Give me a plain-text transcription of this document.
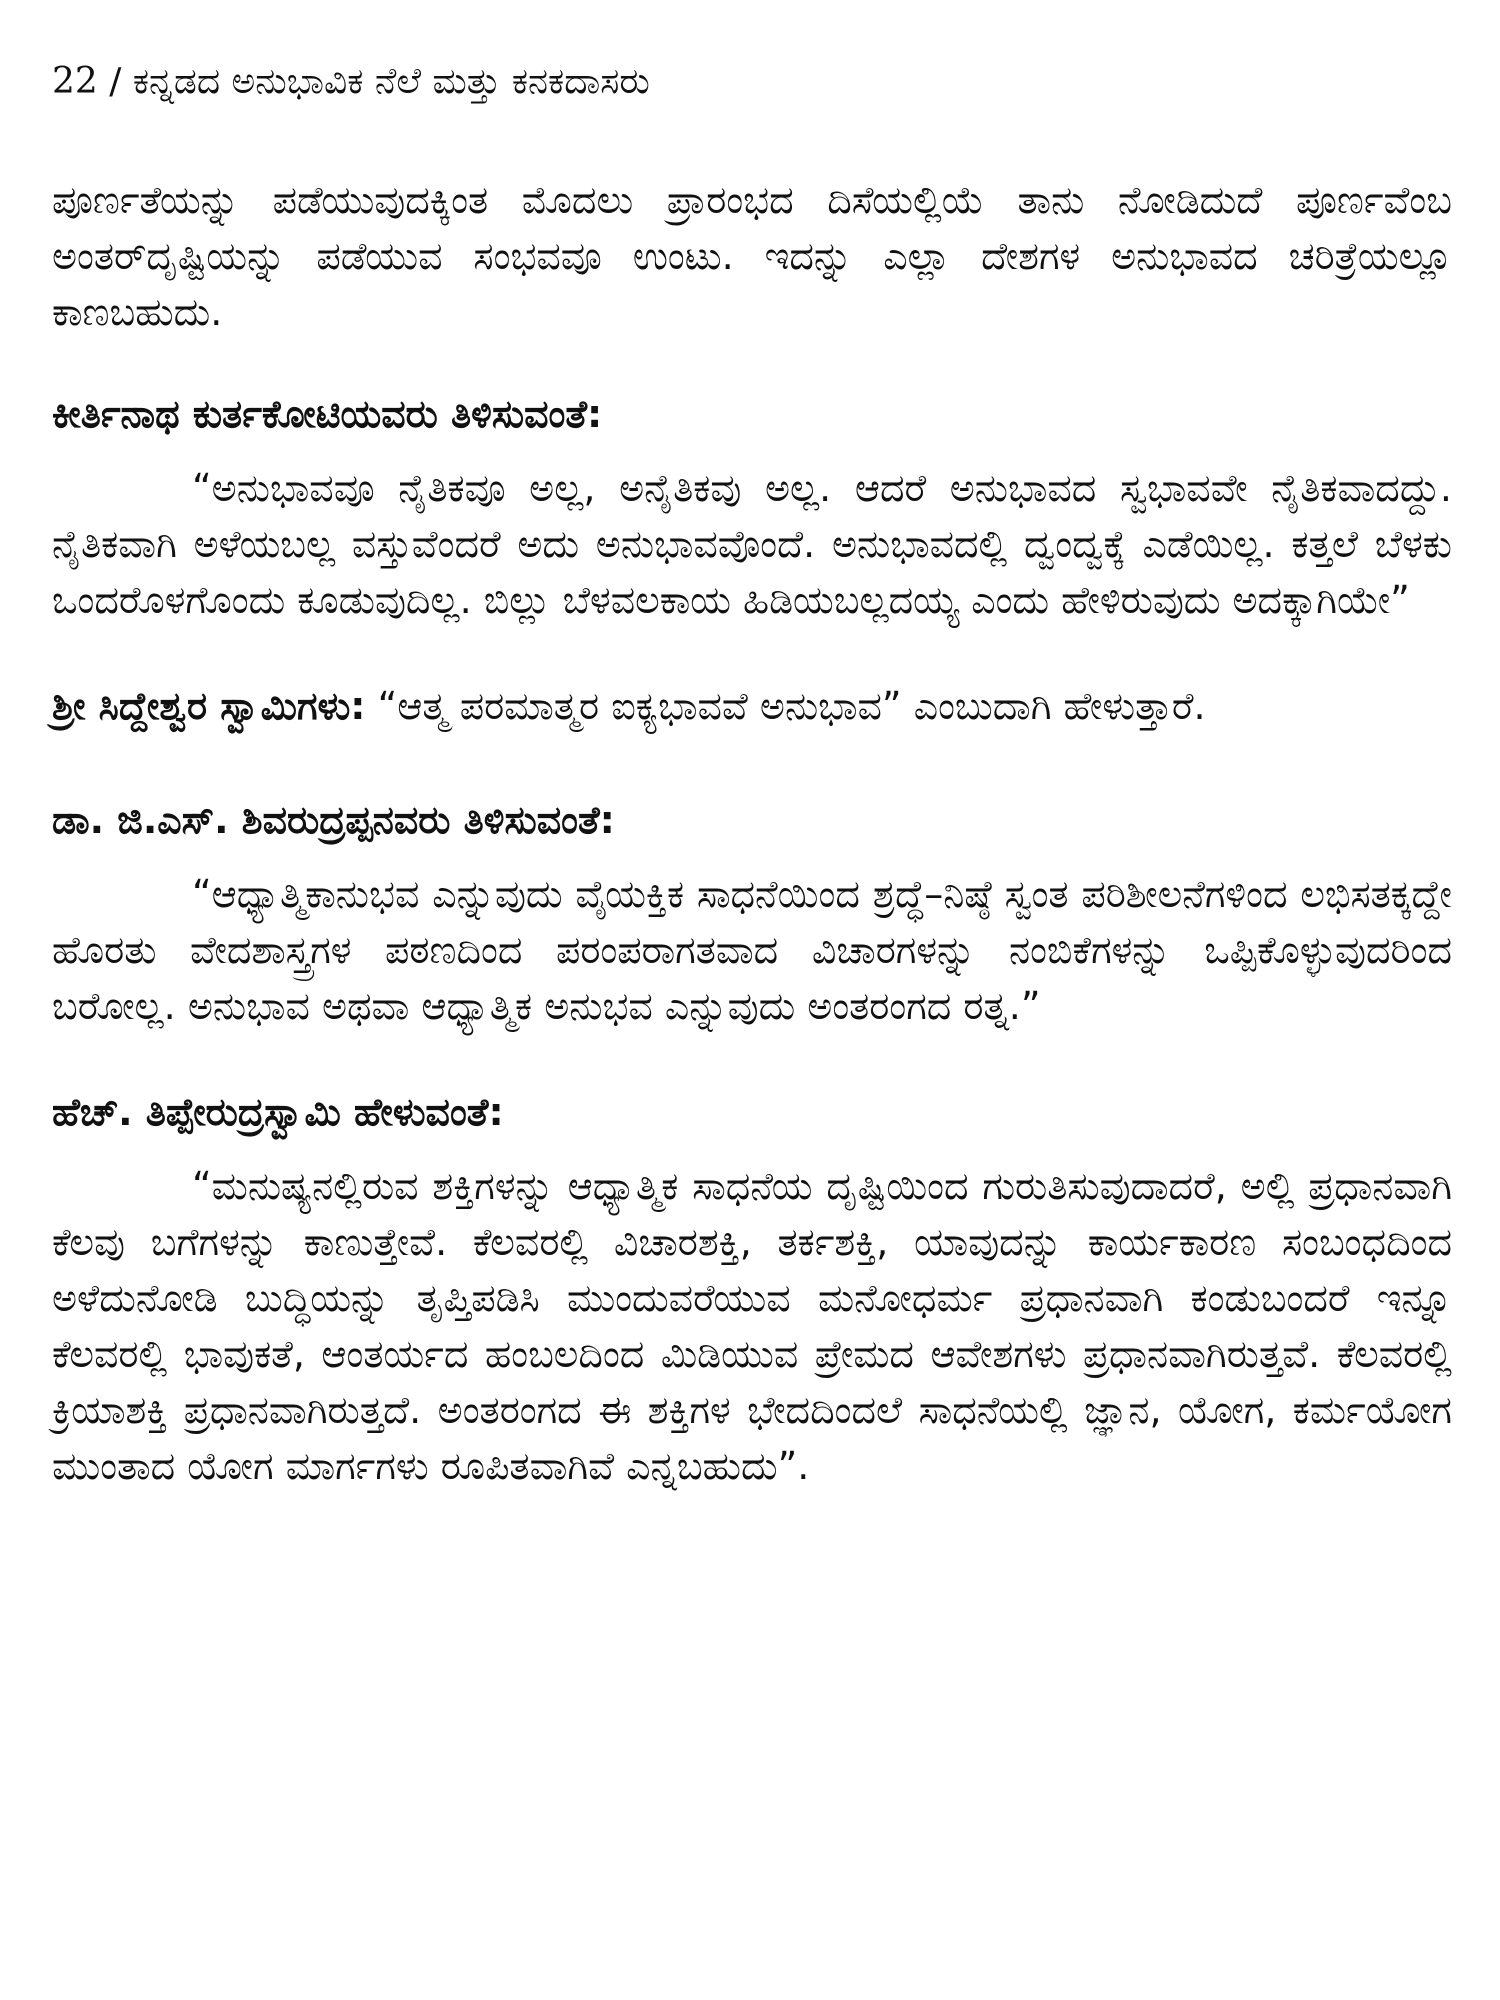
22 / ಕನ್ನಡದ ಅನುಭಾವಿಕ ನೆಲೆ ಮತ್ತು ಕನಕದಾಸರು

ಪೂರ್ಣತೆಯನ್ನು ಪಡೆಯುವುದಕ್ಕಿಂತ ಮೊದಲು ಪ್ರಾರಂಭದ ದಿಸೆಯಲ್ಲಿಯೆ ತಾನು ನೋಡಿದುದೆ ಪೂರ್ಣವೆಂಬ ಅಂತರ್‌ದೃಷ್ಟಿಯನ್ನು ಪಡೆಯುವ ಸಂಭವವೂ ಉಂಟು. ಇದನ್ನು ಎಲ್ಲಾ ದೇಶಗಳ ಅನುಭಾವದ ಚರಿತ್ರೆಯಲ್ಲೂ ಕಾಣಬಹುದು.

ಕೀರ್ತಿನಾಥ ಕುರ್ತಕೋಟಿಯವರು ತಿಳಿಸುವಂತೆ:

“ಅನುಭಾವವೂ ನೈತಿಕವೂ ಅಲ್ಲ, ಅನೈತಿಕವು ಅಲ್ಲ. ಆದರೆ ಅನುಭಾವದ ಸ್ವಭಾವವೇ ನೈತಿಕವಾದದ್ದು. ನೈತಿಕವಾಗಿ ಅಳೆಯಬಲ್ಲ ವಸ್ತುವೆಂದರೆ ಅದು ಅನುಭಾವವೊಂದೆ. ಅನುಭಾವದಲ್ಲಿ ದ್ವಂದ್ವಕ್ಕೆ ಎಡೆಯಿಲ್ಲ. ಕತ್ತಲೆ ಬೆಳಕು ಒಂದರೊಳಗೊಂದು ಕೂಡುವುದಿಲ್ಲ. ಬಿಲ್ಲು ಬೆಳವಲಕಾಯ ಹಿಡಿಯಬಲ್ಲದಯ್ಯ ಎಂದು ಹೇಳಿರುವುದು ಅದಕ್ಕಾಗಿಯೇ”

ಶ್ರೀ ಸಿದ್ದೇಶ್ವರ ಸ್ವಾಮಿಗಳು: “ಆತ್ಮ ಪರಮಾತ್ಮರ ಐಕ್ಯಭಾವವೆ ಅನುಭಾವ” ಎಂಬುದಾಗಿ ಹೇಳುತ್ತಾರೆ.

ಡಾ. ಜಿ.ಎಸ್. ಶಿವರುದ್ರಪ್ಪನವರು ತಿಳಿಸುವಂತೆ:

“ಆಧ್ಯಾತ್ಮಿಕಾನುಭವ ಎನ್ನುವುದು ವೈಯಕ್ತಿಕ ಸಾಧನೆಯಿಂದ ಶ್ರದ್ಧೆ–ನಿಷ್ಠೆ ಸ್ವಂತ ಪರಿಶೀಲನೆಗಳಿಂದ ಲಭಿಸತಕ್ಕದ್ದೇ ಹೊರತು ವೇದಶಾಸ್ತ್ರಗಳ ಪಠಣದಿಂದ ಪರಂಪರಾಗತವಾದ ವಿಚಾರಗಳನ್ನು ನಂಬಿಕೆಗಳನ್ನು ಒಪ್ಪಿಕೊಳ್ಳುವುದರಿಂದ ಬರೋಲ್ಲ. ಅನುಭಾವ ಅಥವಾ ಆಧ್ಯಾತ್ಮಿಕ ಅನುಭವ ಎನ್ನುವುದು ಅಂತರಂಗದ ರತ್ನ.”

ಹೆಚ್. ತಿಪ್ಪೇರುದ್ರಸ್ವಾಮಿ ಹೇಳುವಂತೆ:

“ಮನುಷ್ಯನಲ್ಲಿರುವ ಶಕ್ತಿಗಳನ್ನು ಆಧ್ಯಾತ್ಮಿಕ ಸಾಧನೆಯ ದೃಷ್ಟಿಯಿಂದ ಗುರುತಿಸುವುದಾದರೆ, ಅಲ್ಲಿ ಪ್ರಧಾನವಾಗಿ ಕೆಲವು ಬಗೆಗಳನ್ನು ಕಾಣುತ್ತೇವೆ. ಕೆಲವರಲ್ಲಿ ವಿಚಾರಶಕ್ತಿ, ತರ್ಕಶಕ್ತಿ, ಯಾವುದನ್ನು ಕಾರ್ಯಕಾರಣ ಸಂಬಂಧದಿಂದ ಅಳೆದುನೋಡಿ ಬುದ್ಧಿಯನ್ನು ತೃಪ್ತಿಪಡಿಸಿ ಮುಂದುವರೆಯುವ ಮನೋಧರ್ಮ ಪ್ರಧಾನವಾಗಿ ಕಂಡುಬಂದರೆ ಇನ್ನೂ ಕೆಲವರಲ್ಲಿ ಭಾವುಕತೆ, ಆಂತರ್ಯದ ಹಂಬಲದಿಂದ ಮಿಡಿಯುವ ಪ್ರೇಮದ ಆವೇಶಗಳು ಪ್ರಧಾನವಾಗಿರುತ್ತವೆ. ಕೆಲವರಲ್ಲಿ ಕ್ರಿಯಾಶಕ್ತಿ ಪ್ರಧಾನವಾಗಿರುತ್ತದೆ. ಅಂತರಂಗದ ಈ ಶಕ್ತಿಗಳ ಭೇದದಿಂದಲೆ ಸಾಧನೆಯಲ್ಲಿ ಜ್ಞಾನ, ಯೋಗ, ಕರ್ಮಯೋಗ ಮುಂತಾದ ಯೋಗ ಮಾರ್ಗಗಳು ರೂಪಿತವಾಗಿವೆ ಎನ್ನಬಹುದು”.
